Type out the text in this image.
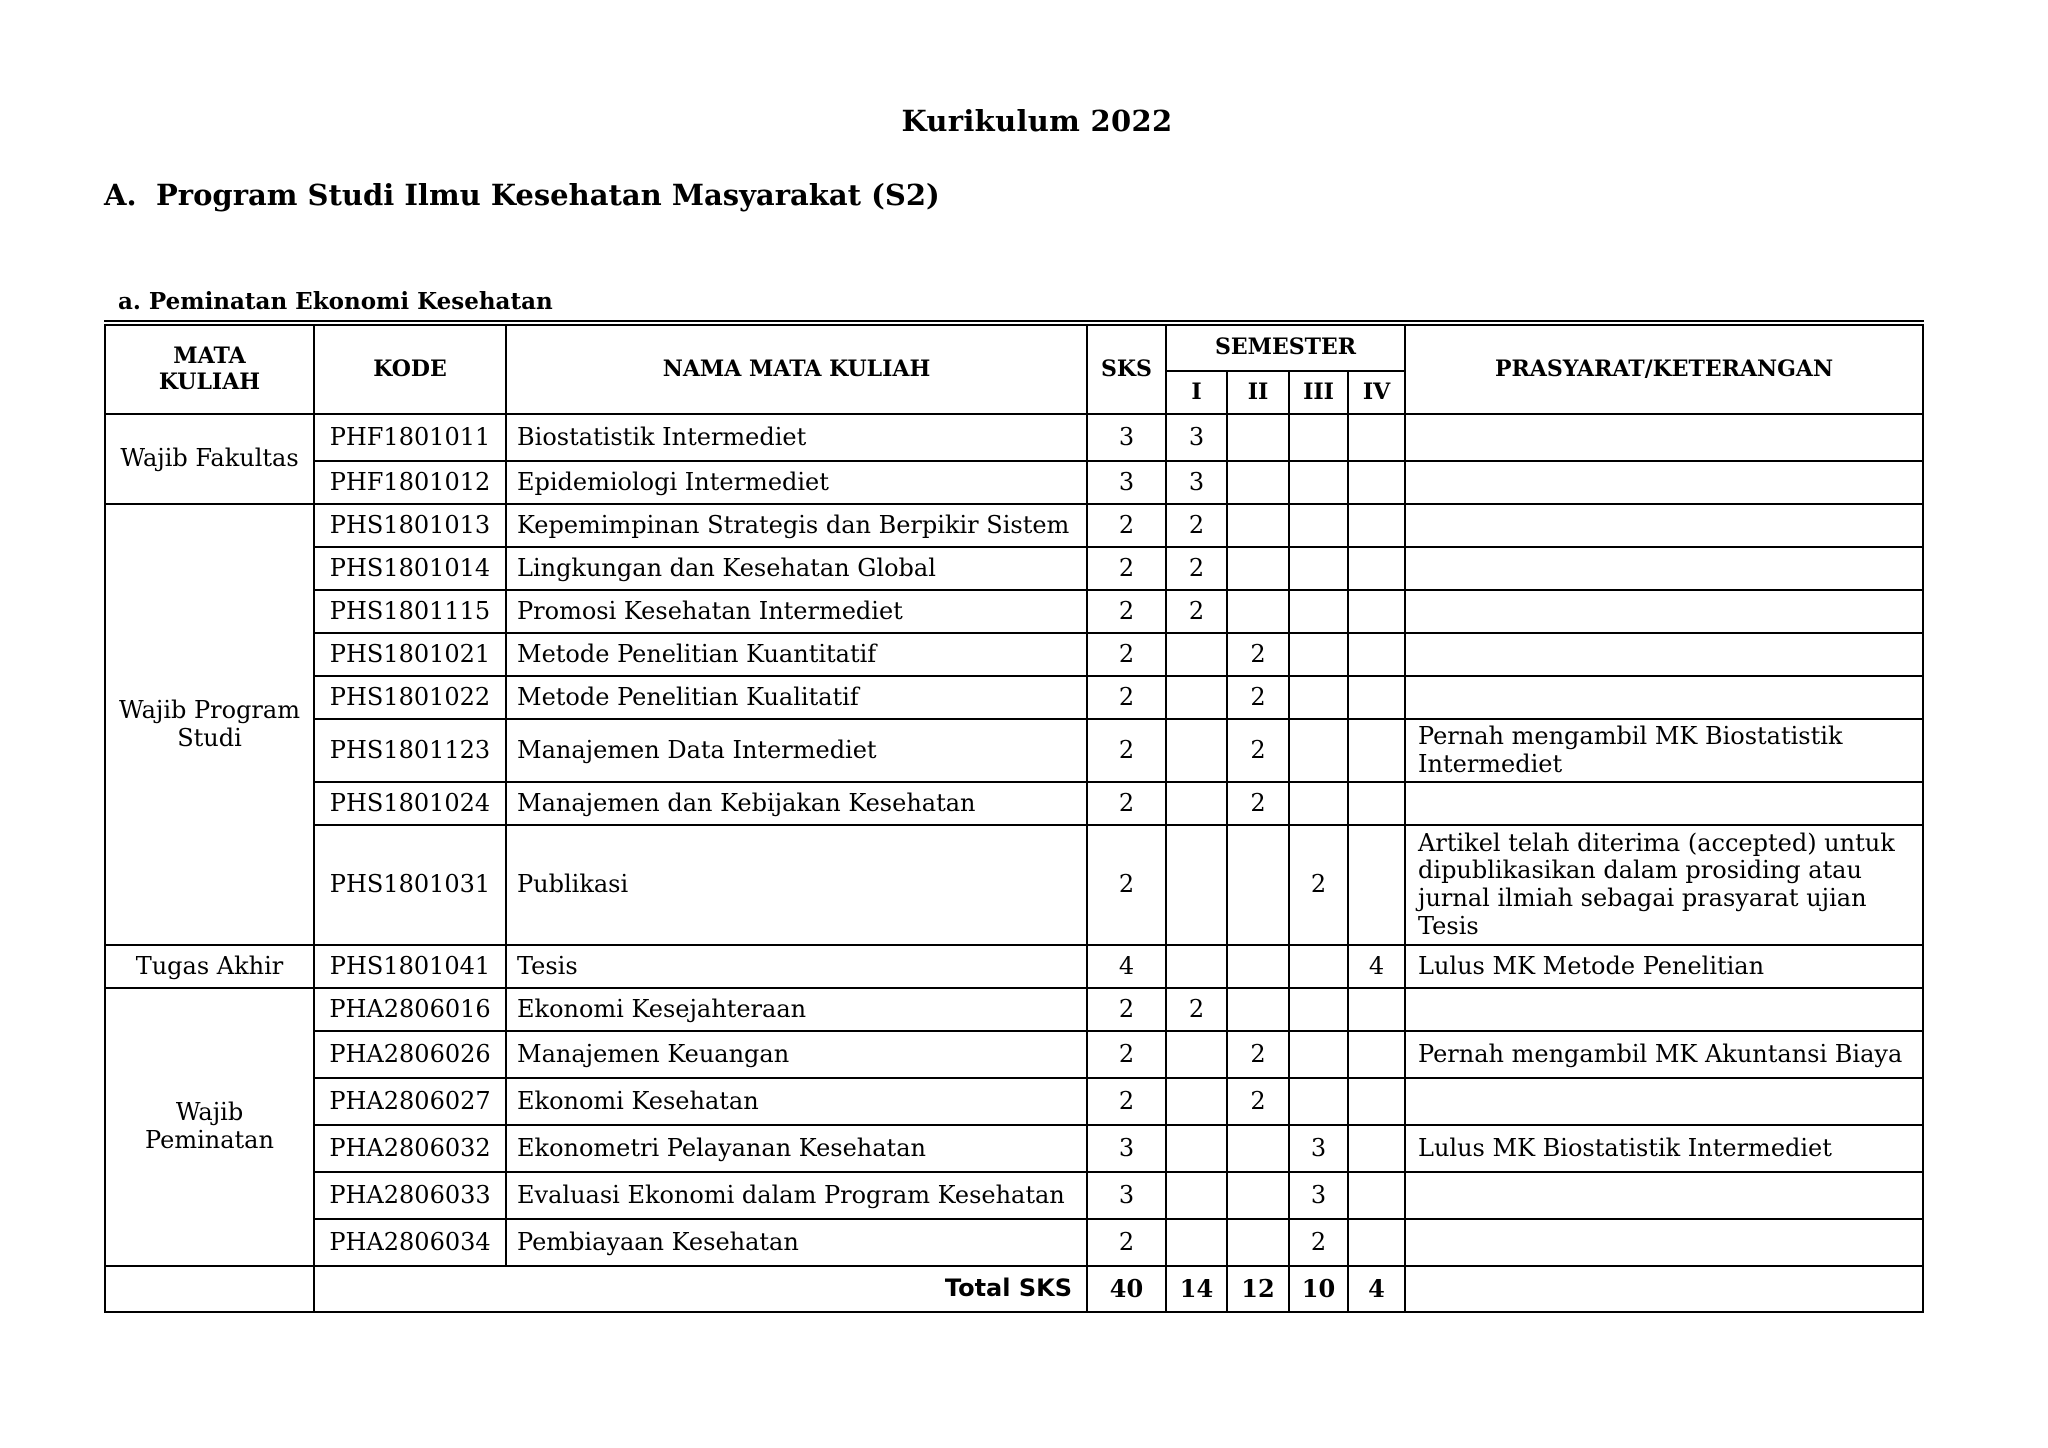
Kurikulum 2022
A. Program Studi Ilmu Kesehatan Masyarakat (S2)
a. Peminatan Ekonomi Kesehatan
MATA KULIAH	KODE	NAMA MATA KULIAH	SKS	SEMESTER				PRASYARAT/KETERANGAN
				I	II	III	IV	
Wajib Fakultas	PHF1801011	Biostatistik Intermediet	3	3				
	PHF1801012	Epidemiologi Intermediet	3	3				
Wajib Program Studi	PHS1801013	Kepemimpinan Strategis dan Berpikir Sistem	2	2				
	PHS1801014	Lingkungan dan Kesehatan Global	2	2				
	PHS1801115	Promosi Kesehatan Intermediet	2	2				
	PHS1801021	Metode Penelitian Kuantitatif	2		2			
	PHS1801022	Metode Penelitian Kualitatif	2		2			
	PHS1801123	Manajemen Data Intermediet	2		2			Pernah mengambil MK Biostatistik Intermediet
	PHS1801024	Manajemen dan Kebijakan Kesehatan	2		2			
	PHS1801031	Publikasi	2			2		Artikel telah diterima (accepted) untuk dipublikasikan dalam prosiding atau jurnal ilmiah sebagai prasyarat ujian Tesis
Tugas Akhir	PHS1801041	Tesis	4				4	Lulus MK Metode Penelitian
Wajib Peminatan	PHA2806016	Ekonomi Kesejahteraan	2	2				
	PHA2806026	Manajemen Keuangan	2		2			Pernah mengambil MK Akuntansi Biaya
	PHA2806027	Ekonomi Kesehatan	2		2			
	PHA2806032	Ekonometri Pelayanan Kesehatan	3			3		Lulus MK Biostatistik Intermediet
	PHA2806033	Evaluasi Ekonomi dalam Program Kesehatan	3			3		
	PHA2806034	Pembiayaan Kesehatan	2			2		
	Total SKS		40	14	12	10	4	
